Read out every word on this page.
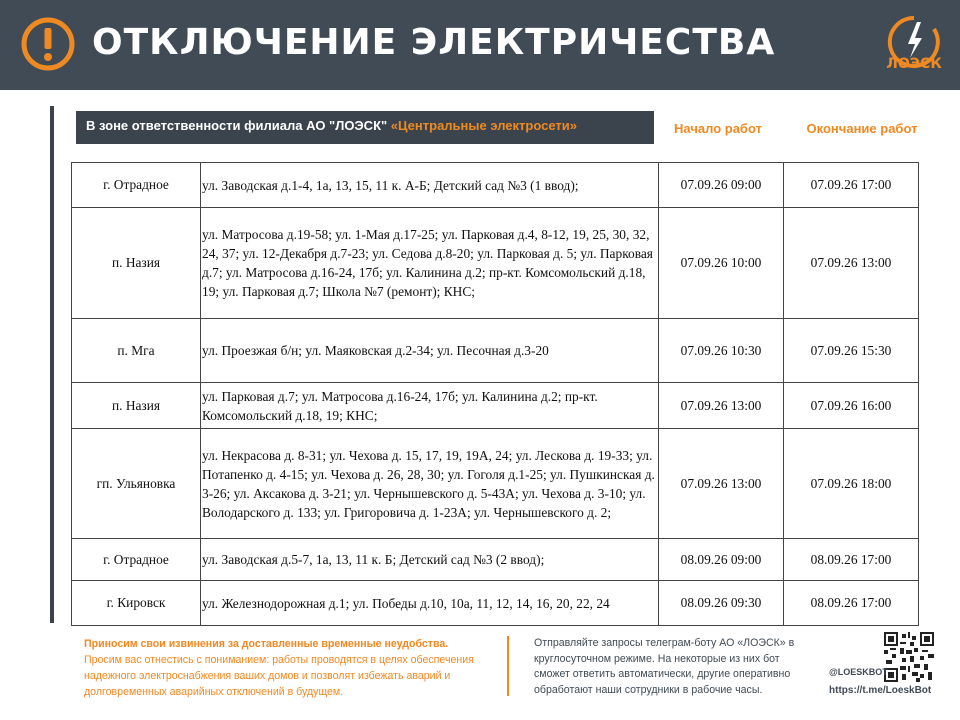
ОТКЛЮЧЕНИЕ ЭЛЕКТРИЧЕСТВА
ЛОЭСК
В зоне ответственности филиала АО "ЛОЭСК" «Центральные электросети»	Начало работ	Окончание работ
г. Отрадное	ул. Заводская д.1-4, 1а, 13, 15, 11 к. А-Б; Детский сад №3 (1 ввод);	07.09.26 09:00	07.09.26 17:00
п. Назия	ул. Матросова д.19-58; ул. 1-Мая д.17-25; ул. Парковая д.4, 8-12, 19, 25, 30, 32, 24, 37; ул. 12-Декабря д.7-23; ул. Седова д.8-20; ул. Парковая д. 5; ул. Парковая д.7; ул. Матросова д.16-24, 17б; ул. Калинина д.2; пр-кт. Комсомольский д.18, 19; ул. Парковая д.7; Школа №7 (ремонт); КНС;	07.09.26 10:00	07.09.26 13:00
п. Мга	ул. Проезжая б/н; ул. Маяковская д.2-34; ул. Песочная д.3-20	07.09.26 10:30	07.09.26 15:30
п. Назия	ул. Парковая д.7; ул. Матросова д.16-24, 17б; ул. Калинина д.2; пр-кт. Комсомольский д.18, 19; КНС;	07.09.26 13:00	07.09.26 16:00
гп. Ульяновка	ул. Некрасова д. 8-31; ул. Чехова д. 15, 17, 19, 19А, 24; ул. Лескова д. 19-33; ул. Потапенко д. 4-15; ул. Чехова д. 26, 28, 30; ул. Гоголя д.1-25; ул. Пушкинская д. 3-26; ул. Аксакова д. 3-21; ул. Чернышевского д. 5-43А; ул. Чехова д. 3-10; ул. Володарского д. 133; ул. Григоровича д. 1-23А; ул. Чернышевского д. 2;	07.09.26 13:00	07.09.26 18:00
г. Отрадное	ул. Заводская д.5-7, 1а, 13, 11 к. Б; Детский сад №3 (2 ввод);	08.09.26 09:00	08.09.26 17:00
г. Кировск	ул. Железнодорожная д.1; ул. Победы д.10, 10а, 11, 12, 14, 16, 20, 22, 24	08.09.26 09:30	08.09.26 17:00
Приносим свои извинения за доставленные временные неудобства.
Просим вас отнестись с пониманием: работы проводятся в целях обеспечения надежного электроснабжения ваших домов и позволят избежать аварий и долговременных аварийных отключений в будущем.
Отправляйте запросы телеграм-боту АО «ЛОЭСК» в круглосуточном режиме. На некоторые из них бот сможет ответить автоматически, другие оперативно обработают наши сотрудники в рабочие часы.
@LOESKBOT
https://t.me/LoeskBot
